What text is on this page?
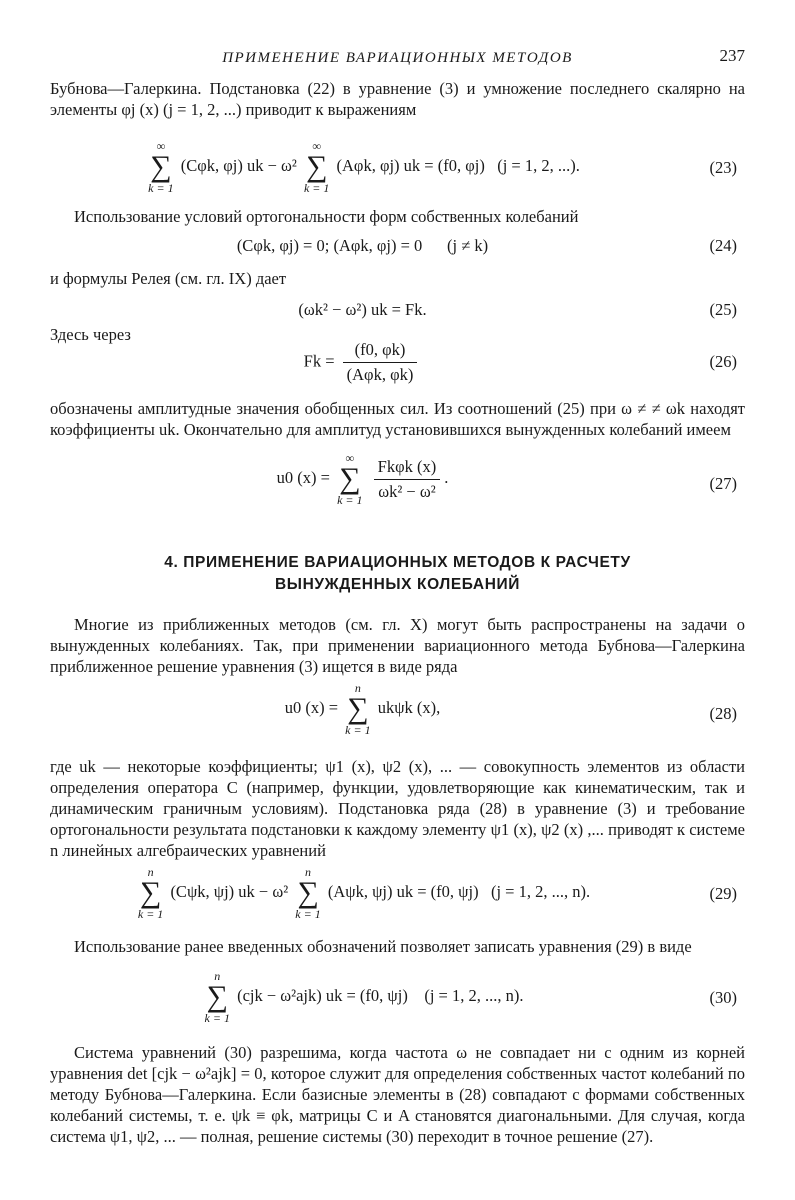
ПРИМЕНЕНИЕ ВАРИАЦИОННЫХ МЕТОДОВ	237

Бубнова—Галеркина. Подстановка (22) в уравнение (3) и умножение последнего скалярно на элементы φj (x) (j = 1, 2, ...) приводит к выражениям

∞
∑
k = 1
(Cφk, φj) uk − ω²
∞
∑
k = 1
(Aφk, φj) uk = (f0, φj) (j = 1, 2, ...).	(23)

Использование условий ортогональности форм собственных колебаний

(Cφk, φj) = 0; (Aφk, φj) = 0 (j ≠ k)	(24)

и формулы Релея (см. гл. IX) дает

(ωk² − ω²) uk = Fk.	(25)

Здесь через

$Fk = \frac{(f0, \varphi k)}{\text{(Aφk, φk)}}$	(26)

обозначены амплитудные значения обобщенных сил. Из соотношений (25) при ω ≠ ≠ ωk находят коэффициенты uk. Окончательно для амплитуд установившихся вынужденных колебаний имеем

u0 (x) =
∞
∑
k = 1
$\frac{\text{Fkφk (x)}}{\text{ωk² − ω²}}$ .	(27)
4. ПРИМЕНЕНИЕ ВАРИАЦИОННЫХ МЕТОДОВ К РАСЧЕТУ
ВЫНУЖДЕННЫХ КОЛЕБАНИЙ

Многие из приближенных методов (см. гл. X) могут быть распространены на задачи о вынужденных колебаниях. Так, при применении вариационного метода Бубнова—Галеркина приближенное решение уравнения (3) ищется в виде ряда

u0 (x) =
n
∑
k = 1
ukψk (x),	(28)

где uk — некоторые коэффициенты; ψ1 (x), ψ2 (x), ... — совокупность элементов из области определения оператора C (например, функции, удовлетворяющие как кинематическим, так и динамическим граничным условиям). Подстановка ряда (28) в уравнение (3) и требование ортогональности результата подстановки к каждому элементу ψ1 (x), ψ2 (x) ,... приводят к системе n линейных алгебраических уравнений

n
∑
k = 1
(Cψk, ψj) uk − ω²
n
∑
k = 1
(Aψk, ψj) uk = (f0, ψj) (j = 1, 2, ..., n).	(29)

Использование ранее введенных обозначений позволяет записать уравнения (29) в виде

n
∑
k = 1
(cjk − ω²ajk) uk = (f0, ψj) (j = 1, 2, ..., n).	(30)

Система уравнений (30) разрешима, когда частота ω не совпадает ни с одним из корней уравнения det [cjk − ω²ajk] = 0, которое служит для определения собственных частот колебаний по методу Бубнова—Галеркина. Если базисные элементы в (28) совпадают с формами собственных колебаний системы, т. е. ψk ≡ φk, матрицы C и A становятся диагональными. Для случая, когда система ψ1, ψ2, ... — полная, решение системы (30) переходит в точное решение (27).
